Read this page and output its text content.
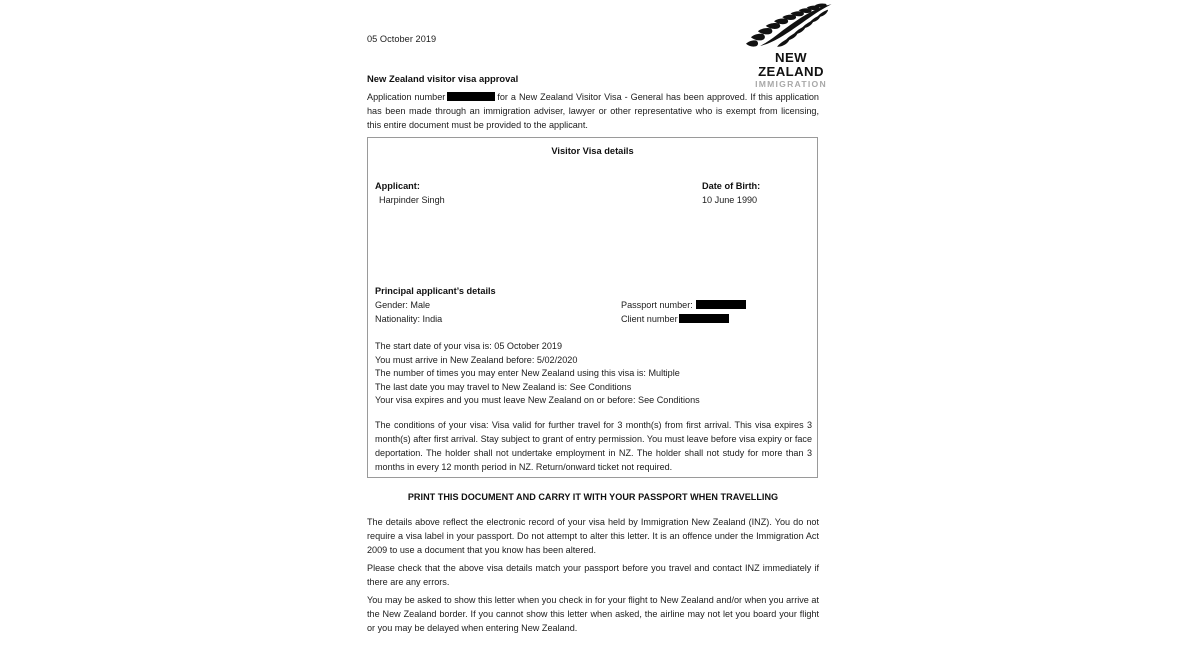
NEW ZEALAND
IMMIGRATION
05 October 2019
New Zealand visitor visa approval
Application number	for a New Zealand Visitor Visa - General has been approved. If this application has been made through an immigration adviser, lawyer or other representative who is exempt from licensing, this entire document must be provided to the applicant.
Visitor Visa details
Applicant:
Harpinder Singh
Date of Birth:
10 June 1990
Principal applicant’s details
Gender: Male
Nationality: India
Passport number:
Client number
The start date of your visa is: 05 October 2019
You must arrive in New Zealand before: 5/02/2020
The number of times you may enter New Zealand using this visa is: Multiple
The last date you may travel to New Zealand is: See Conditions
Your visa expires and you must leave New Zealand on or before: See Conditions
The conditions of your visa: Visa valid for further travel for 3 month(s) from first arrival. This visa expires 3 month(s) after first arrival. Stay subject to grant of entry permission. You must leave before visa expiry or face deportation. The holder shall not undertake employment in NZ. The holder shall not study for more than 3 months in every 12 month period in NZ. Return/onward ticket not required.
PRINT THIS DOCUMENT AND CARRY IT WITH YOUR PASSPORT WHEN TRAVELLING
The details above reflect the electronic record of your visa held by Immigration New Zealand (INZ). You do not require a visa label in your passport. Do not attempt to alter this letter. It is an offence under the Immigration Act 2009 to use a document that you know has been altered.
Please check that the above visa details match your passport before you travel and contact INZ immediately if there are any errors.
You may be asked to show this letter when you check in for your flight to New Zealand and/or when you arrive at the New Zealand border. If you cannot show this letter when asked, the airline may not let you board your flight or you may be delayed when entering New Zealand.
